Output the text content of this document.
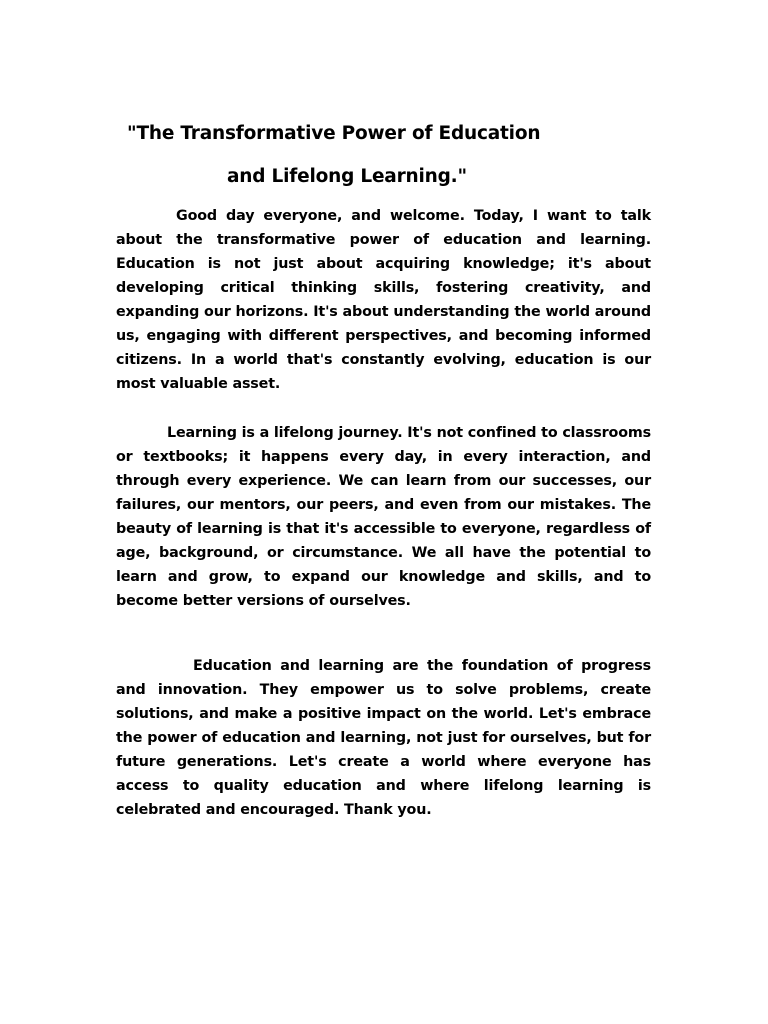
"The Transformative Power of Education
and Lifelong Learning."

Good day everyone, and welcome. Today, I want to talk about the transformative power of education and learning. Education is not just about acquiring knowledge; it's about developing critical thinking skills, fostering creativity, and expanding our horizons. It's about understanding the world around us, engaging with different perspectives, and becoming informed citizens. In a world that's constantly evolving, education is our most valuable asset.

Learning is a lifelong journey. It's not confined to classrooms or textbooks; it happens every day, in every interaction, and through every experience. We can learn from our successes, our failures, our mentors, our peers, and even from our mistakes. The beauty of learning is that it's accessible to everyone, regardless of age, background, or circumstance. We all have the potential to learn and grow, to expand our knowledge and skills, and to become better versions of ourselves.

Education and learning are the foundation of progress and innovation. They empower us to solve problems, create solutions, and make a positive impact on the world. Let's embrace the power of education and learning, not just for ourselves, but for future generations. Let's create a world where everyone has access to quality education and where lifelong learning is celebrated and encouraged. Thank you.
